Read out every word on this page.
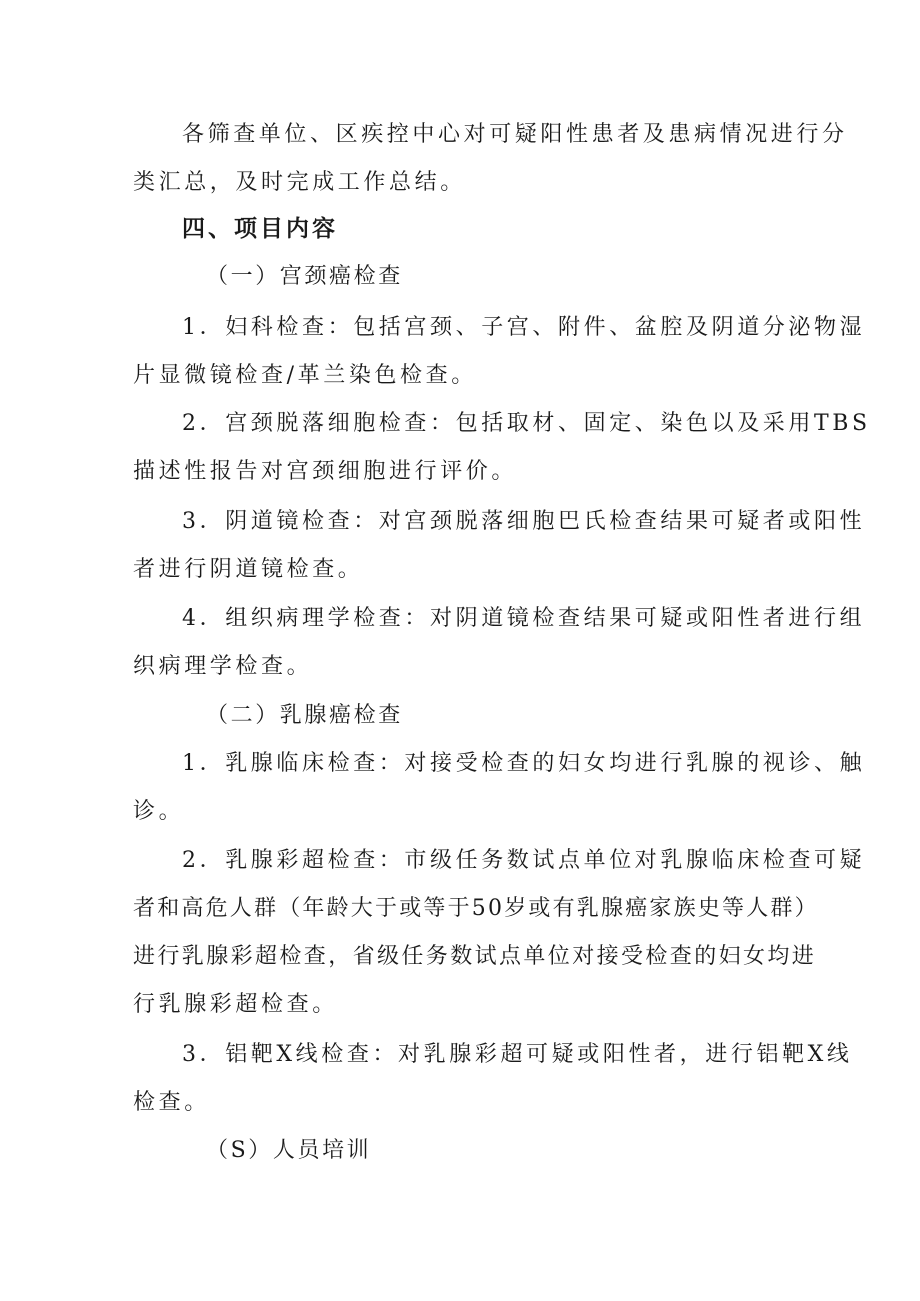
各筛查单位、区疾控中心对可疑阳性患者及患病情况进行分
类汇总，及时完成工作总结。
四、项目内容
（一）宫颈癌检查
1．妇科检查：包括宫颈、子宫、附件、盆腔及阴道分泌物湿
片显微镜检查/革兰染色检查。
2．宫颈脱落细胞检查：包括取材、固定、染色以及采用TBS
描述性报告对宫颈细胞进行评价。
3．阴道镜检查：对宫颈脱落细胞巴氏检查结果可疑者或阳性
者进行阴道镜检查。
4．组织病理学检查：对阴道镜检查结果可疑或阳性者进行组
织病理学检查。
（二）乳腺癌检查
1．乳腺临床检查：对接受检查的妇女均进行乳腺的视诊、触
诊。
2．乳腺彩超检查：市级任务数试点单位对乳腺临床检查可疑
者和高危人群（年龄大于或等于50岁或有乳腺癌家族史等人群）
进行乳腺彩超检查，省级任务数试点单位对接受检查的妇女均进
行乳腺彩超检查。
3．铝靶X线检查：对乳腺彩超可疑或阳性者，进行铝靶X线
检查。
（S）人员培训
